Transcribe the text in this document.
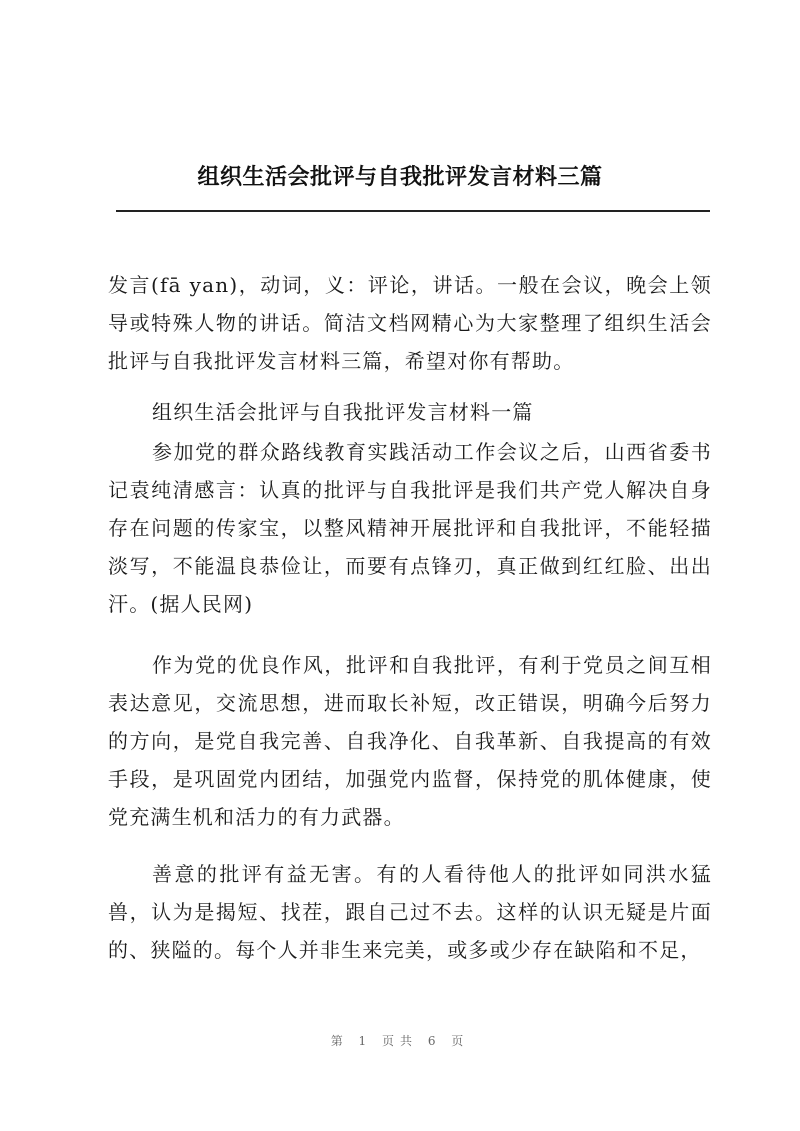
组织生活会批评与自我批评发言材料三篇

发言(fā yan)，动词，义：评论，讲话。一般在会议，晚会上领导或特殊人物的讲话。简洁文档网精心为大家整理了组织生活会批评与自我批评发言材料三篇，希望对你有帮助。

组织生活会批评与自我批评发言材料一篇

参加党的群众路线教育实践活动工作会议之后，山西省委书记袁纯清感言：认真的批评与自我批评是我们共产党人解决自身存在问题的传家宝，以整风精神开展批评和自我批评，不能轻描淡写，不能温良恭俭让，而要有点锋刃，真正做到红红脸、出出汗。(据人民网)

作为党的优良作风，批评和自我批评，有利于党员之间互相表达意见，交流思想，进而取长补短，改正错误，明确今后努力的方向，是党自我完善、自我净化、自我革新、自我提高的有效手段，是巩固党内团结，加强党内监督，保持党的肌体健康，使党充满生机和活力的有力武器。

善意的批评有益无害。有的人看待他人的批评如同洪水猛兽，认为是揭短、找茬，跟自己过不去。这样的认识无疑是片面的、狭隘的。每个人并非生来完美，或多或少存在缺陷和不足，

第 1 页共 6 页
